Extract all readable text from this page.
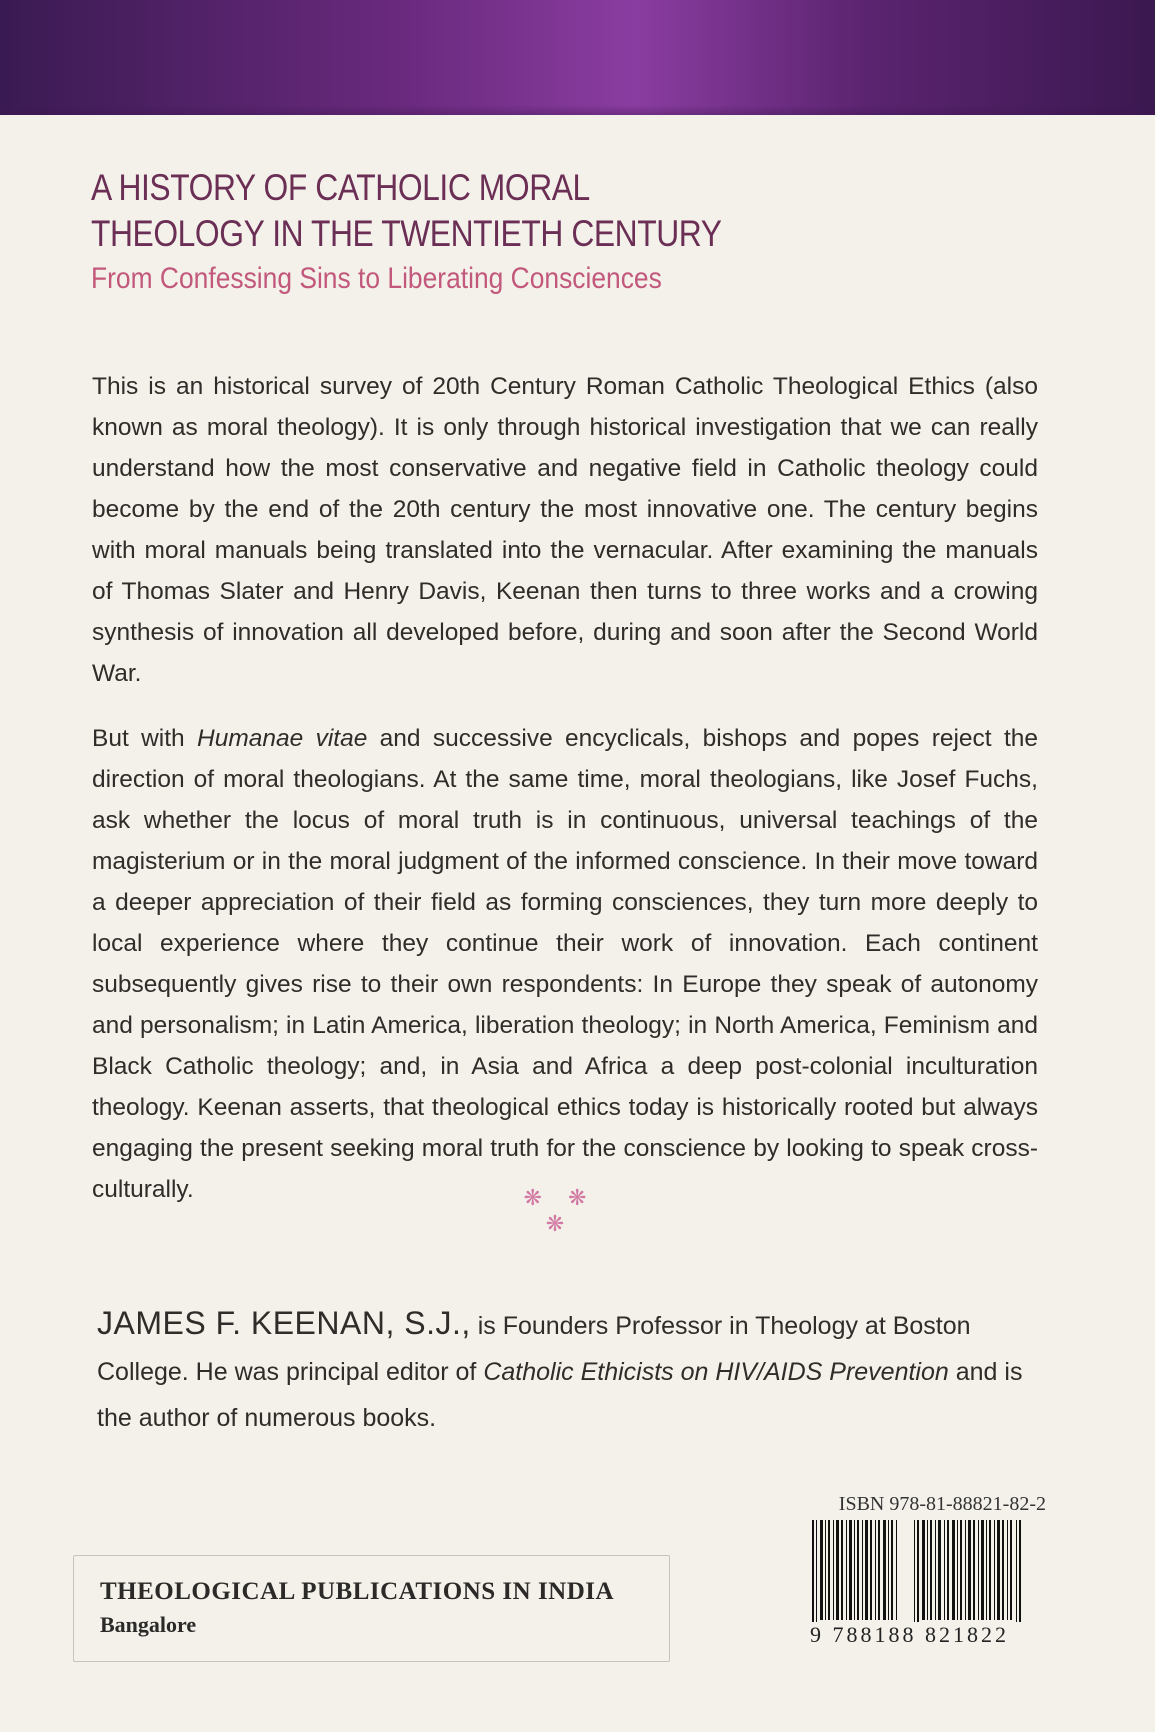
A HISTORY OF CATHOLIC MORAL
THEOLOGY IN THE TWENTIETH CENTURY
From Confessing Sins to Liberating Consciences

This is an historical survey of 20th Century Roman Catholic Theological Ethics (also known as moral theology). It is only through historical investigation that we can really understand how the most conservative and negative field in Catholic theology could become by the end of the 20th century the most innovative one. The century begins with moral manuals being translated into the vernacular. After examining the manuals of Thomas Slater and Henry Davis, Keenan then turns to three works and a crowing synthesis of innovation all developed before, during and soon after the Second World War.

But with Humanae vitae and successive encyclicals, bishops and popes reject the direction of moral theologians. At the same time, moral theologians, like Josef Fuchs, ask whether the locus of moral truth is in continuous, universal teachings of the magisterium or in the moral judgment of the informed conscience. In their move toward a deeper appreciation of their field as forming consciences, they turn more deeply to local experience where they continue their work of innovation. Each continent subsequently gives rise to their own respondents: In Europe they speak of autonomy and personalism; in Latin America, liberation theology; in North America, Feminism and Black Catholic theology; and, in Asia and Africa a deep post-colonial inculturation theology. Keenan asserts, that theological ethics today is historically rooted but always engaging the present seeking moral truth for the conscience by looking to speak cross-culturally.	❋ ❋ ❋
JAMES F. KEENAN, S.J., is Founders Professor in Theology at Boston College. He was principal editor of Catholic Ethicists on HIV/AIDS Prevention and is the author of numerous books.
ISBN 978-81-88821-82-2
9 788188 821822
THEOLOGICAL PUBLICATIONS IN INDIA
Bangalore
